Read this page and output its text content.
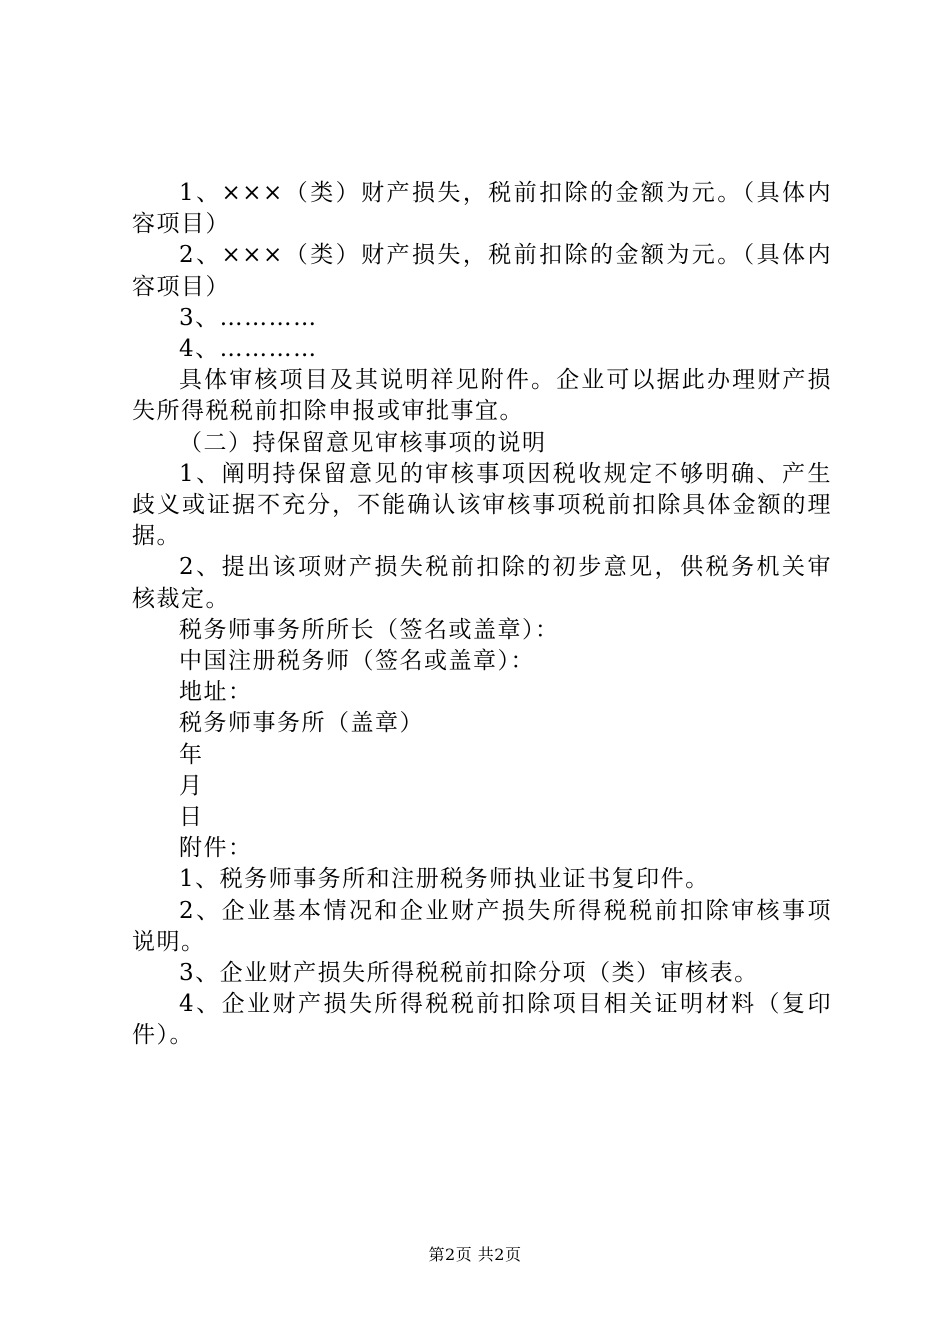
1、×××（类）财产损失，税前扣除的金额为元。（具体内容项目）

2、×××（类）财产损失，税前扣除的金额为元。（具体内容项目）

3、…………

4、…………

具体审核项目及其说明祥见附件。企业可以据此办理财产损失所得税税前扣除申报或审批事宜。

（二）持保留意见审核事项的说明

1、阐明持保留意见的审核事项因税收规定不够明确、产生歧义或证据不充分，不能确认该审核事项税前扣除具体金额的理据。

2、提出该项财产损失税前扣除的初步意见，供税务机关审核裁定。

税务师事务所所长（签名或盖章）：

中国注册税务师（签名或盖章）：

地址：

税务师事务所（盖章）

年

月

日

附件：

1、税务师事务所和注册税务师执业证书复印件。

2、企业基本情况和企业财产损失所得税税前扣除审核事项说明。

3、企业财产损失所得税税前扣除分项（类）审核表。

4、企业财产损失所得税税前扣除项目相关证明材料（复印件）。

第2页 共2页
